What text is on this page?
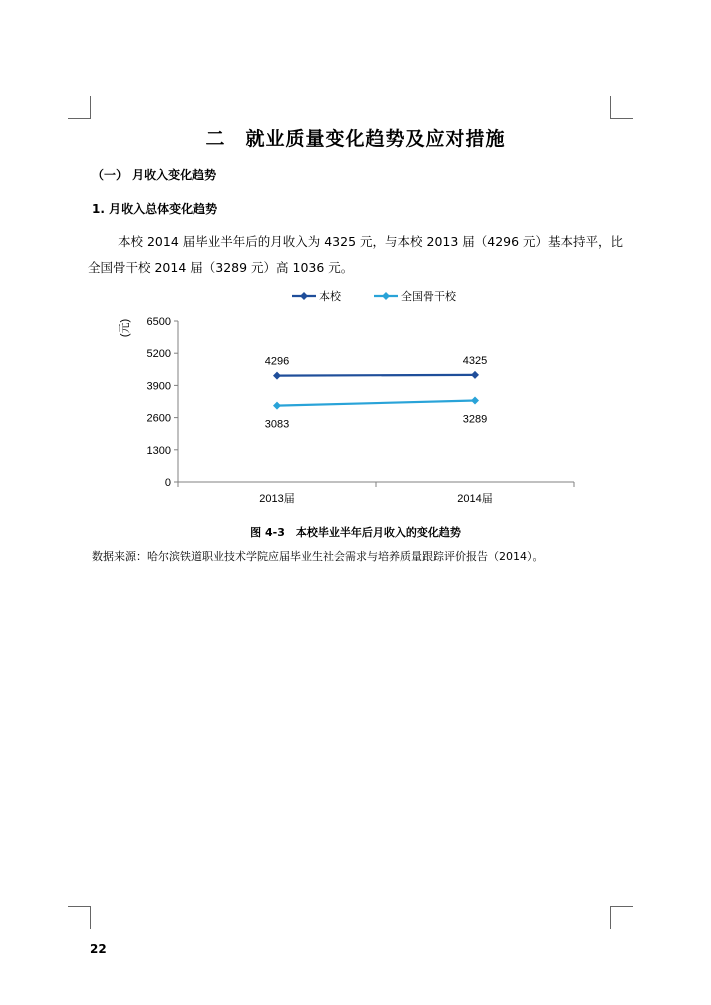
二　就业质量变化趋势及应对措施
（一） 月收入变化趋势
1. 月收入总体变化趋势
本校 2014 届毕业半年后的月收入为 4325 元，与本校 2013 届（4296 元）基本持平，比
全国骨干校 2014 届（3289 元）高 1036 元。
本校	全国骨干校
(元)
0
1300
2600
3900
5200
6500
2013届	2014届
4296	4325
3083	3289
图 4-3　本校毕业半年后月收入的变化趋势
数据来源：哈尔滨铁道职业技术学院应届毕业生社会需求与培养质量跟踪评价报告（2014）。
22
